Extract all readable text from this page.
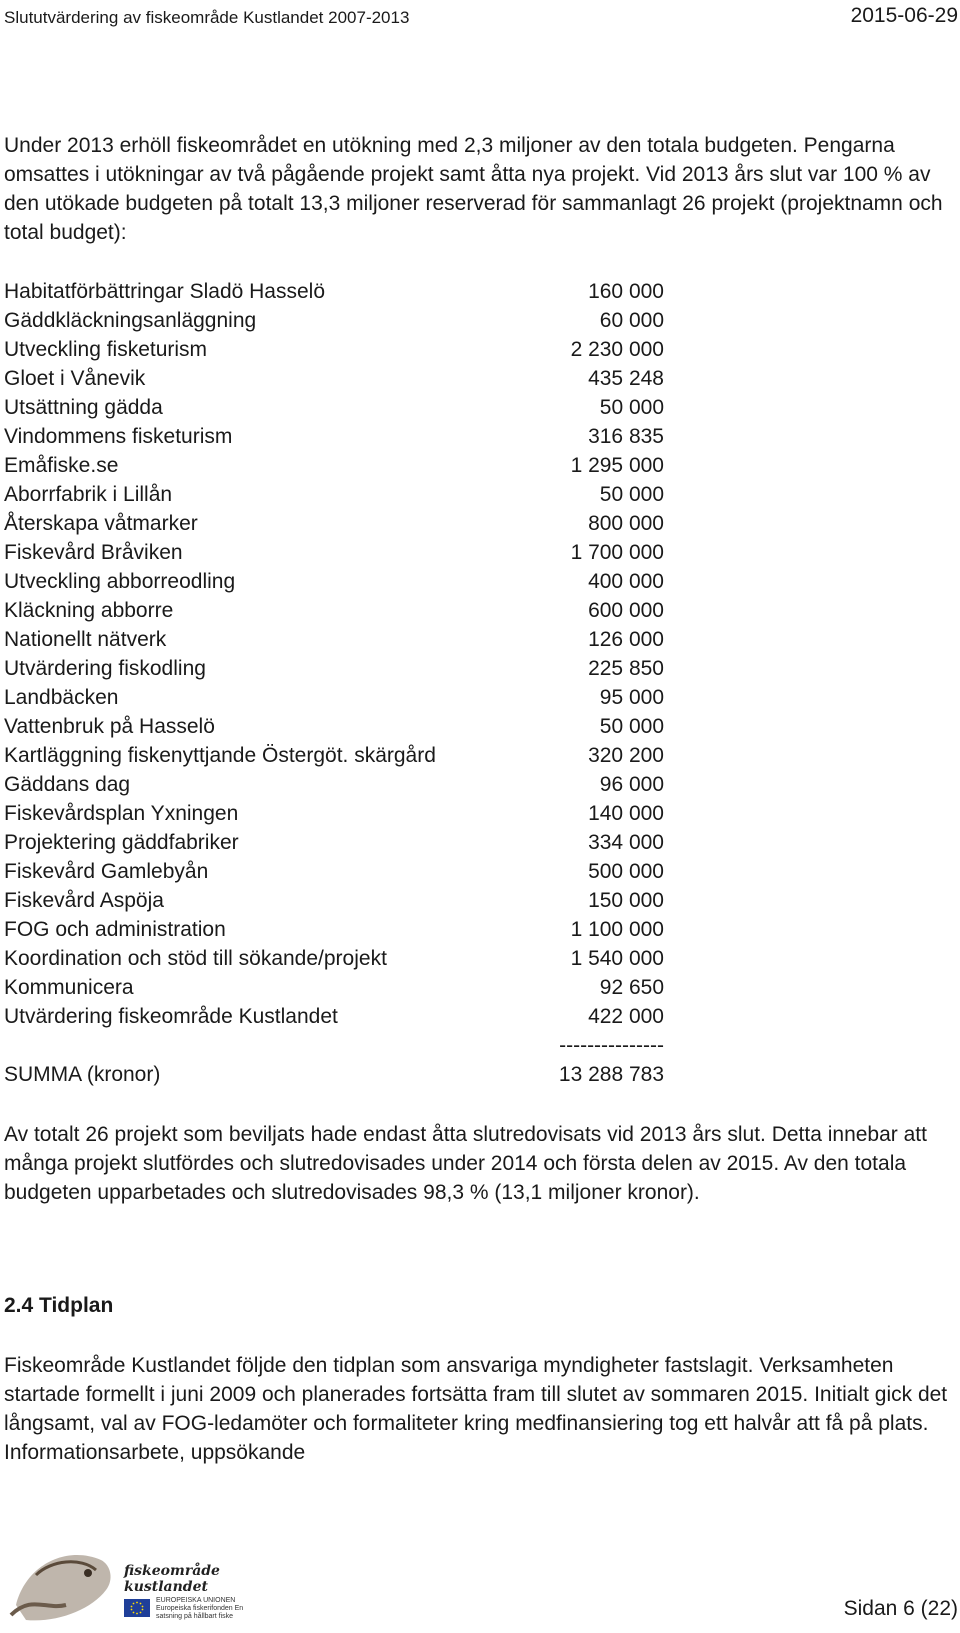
Slututvärdering av fiskeområde Kustlandet 2007-2013	2015-06-29

Under 2013 erhöll fiskeområdet en utökning med 2,3 miljoner av den totala budgeten. Pengarna omsattes i utökningar av två pågående projekt samt åtta nya projekt. Vid 2013 års slut var 100 % av den utökade budgeten på totalt 13,3 miljoner reserverad för sammanlagt 26 projekt (projektnamn och total budget):

Habitatförbättringar Sladö Hasselö	160 000
Gäddkläckningsanläggning	60 000
Utveckling fisketurism	2 230 000
Gloet i Vånevik	435 248
Utsättning gädda	50 000
Vindommens fisketurism	316 835
Emåfiske.se	1 295 000
Aborrfabrik i Lillån	50 000
Återskapa våtmarker	800 000
Fiskevård Bråviken	1 700 000
Utveckling abborreodling	400 000
Kläckning abborre	600 000
Nationellt nätverk	126 000
Utvärdering fiskodling	225 850
Landbäcken	95 000
Vattenbruk på Hasselö	50 000
Kartläggning fiskenyttjande Östergöt. skärgård	320 200
Gäddans dag	96 000
Fiskevårdsplan Yxningen	140 000
Projektering gäddfabriker	334 000
Fiskevård Gamlebyån	500 000
Fiskevård Aspöja	150 000
FOG och administration	1 100 000
Koordination och stöd till sökande/projekt	1 540 000
Kommunicera	92 650
Utvärdering fiskeområde Kustlandet	422 000
---------------
SUMMA (kronor)	13 288 783

Av totalt 26 projekt som beviljats hade endast åtta slutredovisats vid 2013 års slut. Detta innebar att många projekt slutfördes och slutredovisades under 2014 och första delen av 2015. Av den totala budgeten upparbetades och slutredovisades 98,3 % (13,1 miljoner kronor).

2.4 Tidplan

Fiskeområde Kustlandet följde den tidplan som ansvariga myndigheter fastslagit. Verksamheten startade formellt i juni 2009 och planerades fortsätta fram till slutet av sommaren 2015. Initialt gick det långsamt, val av FOG-ledamöter och formaliteter kring medfinansiering tog ett halvår att få på plats. Informationsarbete, uppsökande

fiskeområde kustlandet
EUROPEISKA UNIONEN Europeiska fiskerifonden En satsning på hållbart fiske	Sidan 6 (22)
